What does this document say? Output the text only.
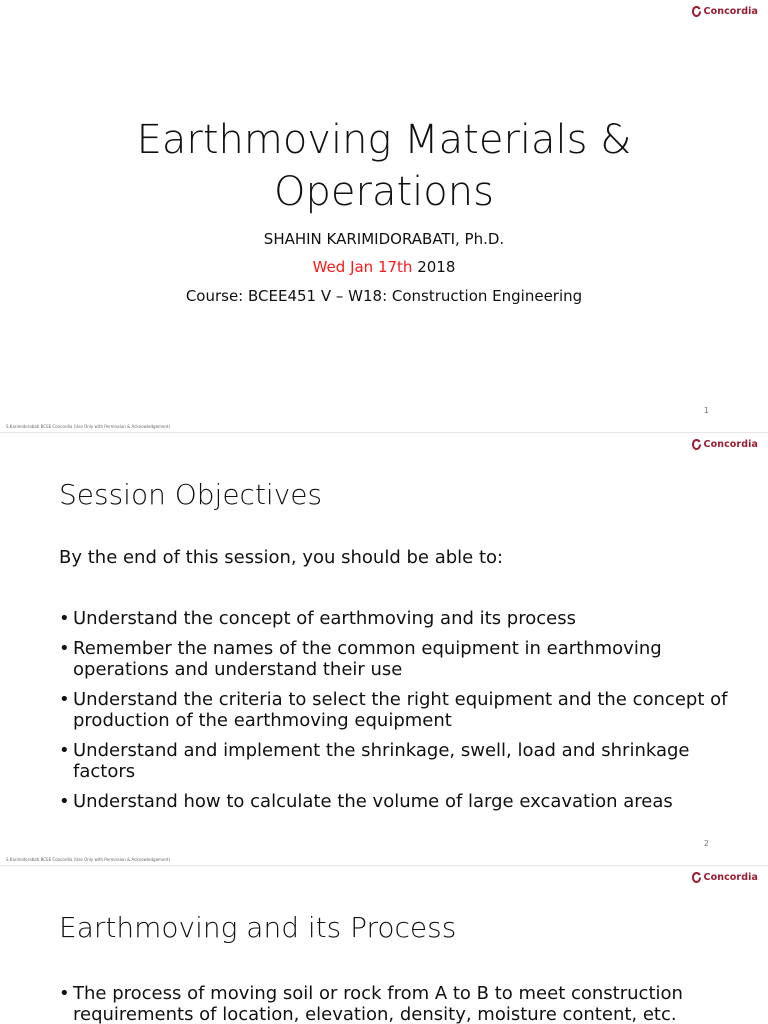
Concordia
Earthmoving Materials &
Operations
SHAHIN KARIMIDORABATI, Ph.D.
Wed Jan 17th 2018
Course: BCEE451 V – W18: Construction Engineering
1
S.Karimidorabati BCEE Concordia (Use Only with Permission & Acknowledgement)
Concordia
Session Objectives
By the end of this session, you should be able to:
• Understand the concept of earthmoving and its process
• Remember the names of the common equipment in earthmoving operations and understand their use
• Understand the criteria to select the right equipment and the concept of production of the earthmoving equipment
• Understand and implement the shrinkage, swell, load and shrinkage factors
• Understand how to calculate the volume of large excavation areas
2
S.Karimidorabati BCEE Concordia (Use Only with Permission & Acknowledgement)
Concordia
Earthmoving and its Process
• The process of moving soil or rock from A to B to meet construction requirements of location, elevation, density, moisture content, etc.
